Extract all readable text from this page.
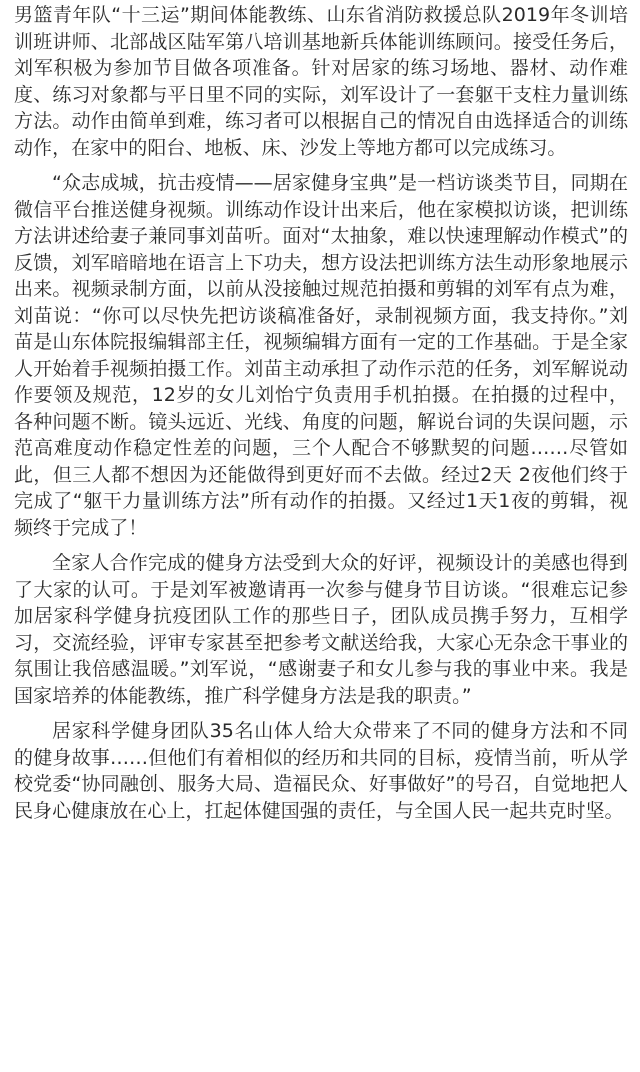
男篮青年队“十三运”期间体能教练、山东省消防救援总队2019年冬训培训班讲师、北部战区陆军第八培训基地新兵体能训练顾问。接受任务后，刘军积极为参加节目做各项准备。针对居家的练习场地、器材、动作难度、练习对象都与平日里不同的实际，刘军设计了一套躯干支柱力量训练方法。动作由简单到难，练习者可以根据自己的情况自由选择适合的训练动作，在家中的阳台、地板、床、沙发上等地方都可以完成练习。

“众志成城，抗击疫情——居家健身宝典”是一档访谈类节目，同期在微信平台推送健身视频。训练动作设计出来后，他在家模拟访谈，把训练方法讲述给妻子兼同事刘苗听。面对“太抽象，难以快速理解动作模式”的反馈，刘军暗暗地在语言上下功夫，想方设法把训练方法生动形象地展示出来。视频录制方面，以前从没接触过规范拍摄和剪辑的刘军有点为难，刘苗说：“你可以尽快先把访谈稿准备好，录制视频方面，我支持你。”刘苗是山东体院报编辑部主任，视频编辑方面有一定的工作基础。于是全家人开始着手视频拍摄工作。刘苗主动承担了动作示范的任务，刘军解说动作要领及规范，12岁的女儿刘怡宁负责用手机拍摄。在拍摄的过程中，各种问题不断。镜头远近、光线、角度的问题，解说台词的失误问题，示范高难度动作稳定性差的问题，三个人配合不够默契的问题……尽管如此，但三人都不想因为还能做得到更好而不去做。经过2天 2夜他们终于完成了“躯干力量训练方法”所有动作的拍摄。又经过1天1夜的剪辑，视频终于完成了！

全家人合作完成的健身方法受到大众的好评，视频设计的美感也得到了大家的认可。于是刘军被邀请再一次参与健身节目访谈。“很难忘记参加居家科学健身抗疫团队工作的那些日子，团队成员携手努力，互相学习，交流经验，评审专家甚至把参考文献送给我，大家心无杂念干事业的氛围让我倍感温暖。”刘军说，“感谢妻子和女儿参与我的事业中来。我是国家培养的体能教练，推广科学健身方法是我的职责。”

居家科学健身团队35名山体人给大众带来了不同的健身方法和不同的健身故事……但他们有着相似的经历和共同的目标，疫情当前，听从学校党委“协同融创、服务大局、造福民众、好事做好”的号召，自觉地把人民身心健康放在心上，扛起体健国强的责任，与全国人民一起共克时坚。
